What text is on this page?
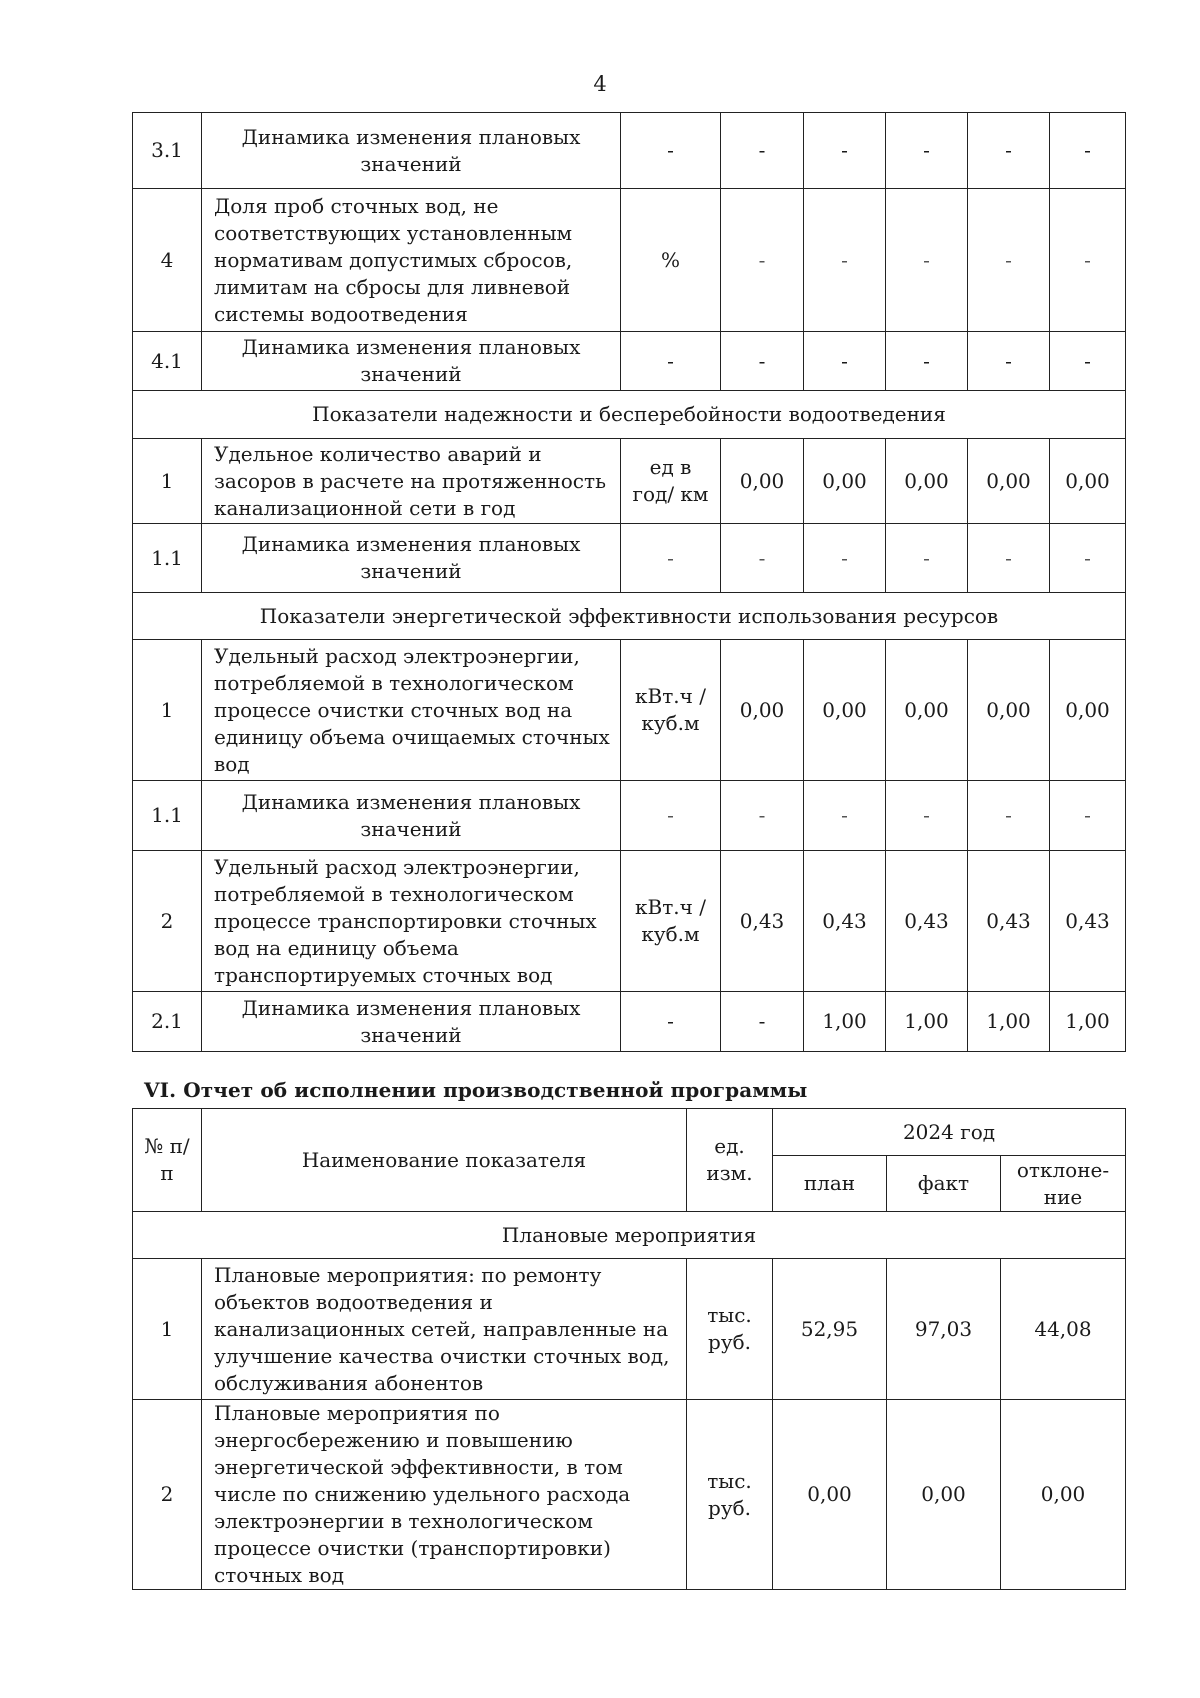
4
3.1	Динамика изменения плановых значений	-	-	-	-	-	-
4	Доля проб сточных вод, не соответствующих установленным нормативам допустимых сбросов, лимитам на сбросы для ливневой системы водоотведения	%	-	-	-	-	-
4.1	Динамика изменения плановых значений	-	-	-	-	-	-
Показатели надежности и бесперебойности водоотведения							
1	Удельное количество аварий и засоров в расчете на протяженность канализационной сети в год	ед в год/ км	0,00	0,00	0,00	0,00	0,00
1.1	Динамика изменения плановых значений	-	-	-	-	-	-
Показатели энергетической эффективности использования ресурсов							
1	Удельный расход электроэнергии, потребляемой в технологическом процессе очистки сточных вод на единицу объема очищаемых сточных вод	кВт.ч / куб.м	0,00	0,00	0,00	0,00	0,00
1.1	Динамика изменения плановых значений	-	-	-	-	-	-
2	Удельный расход электроэнергии, потребляемой в технологическом процессе транспортировки сточных вод на единицу объема транспортируемых сточных вод	кВт.ч / куб.м	0,43	0,43	0,43	0,43	0,43
2.1	Динамика изменения плановых значений	-	-	1,00	1,00	1,00	1,00
VI. Отчет об исполнении производственной программы
№ п/п	Наименование показателя	ед. изм.	2024 год		
			план	факт	отклоне-ние
Плановые мероприятия					
1	Плановые мероприятия: по ремонту объектов водоотведения и канализационных сетей, направленные на улучшение качества очистки сточных вод, обслуживания абонентов	тыс. руб.	52,95	97,03	44,08
2	Плановые мероприятия по энергосбережению и повышению энергетической эффективности, в том числе по снижению удельного расхода электроэнергии в технологическом процессе очистки (транспортировки) сточных вод	тыс. руб.	0,00	0,00	0,00
